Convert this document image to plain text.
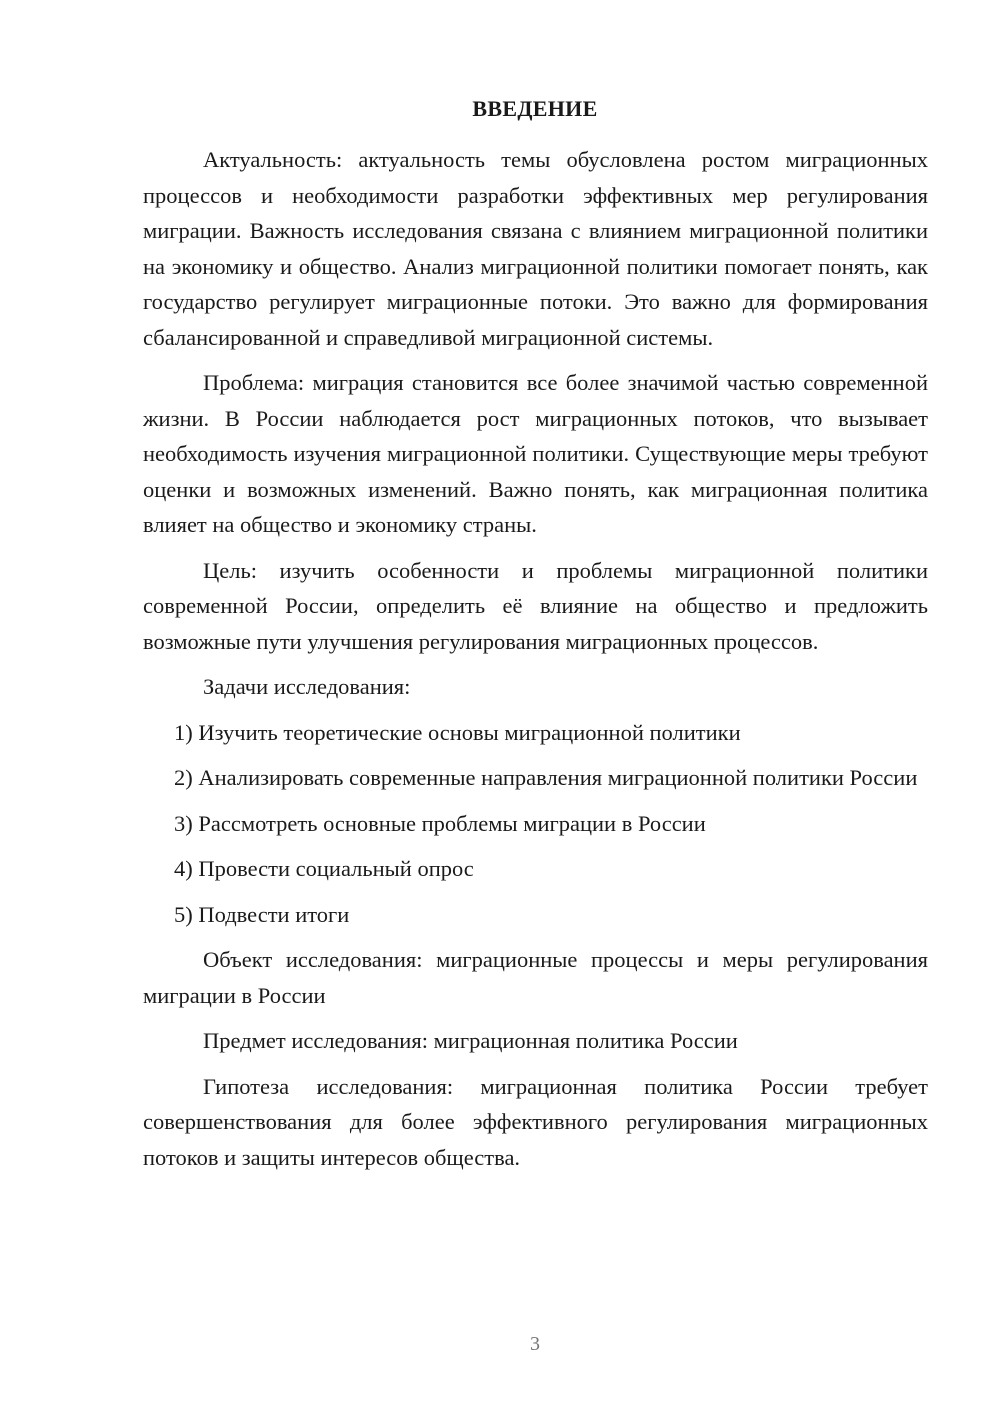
ВВЕДЕНИЕ

Актуальность: актуальность темы обусловлена ростом миграционных процессов и необходимости разработки эффективных мер регулирования миграции. Важность исследования связана с влиянием миграционной политики на экономику и общество. Анализ миграционной политики помогает понять, как государство регулирует миграционные потоки. Это важно для формирования сбалансированной и справедливой миграционной системы.

Проблема: миграция становится все более значимой частью современной жизни. В России наблюдается рост миграционных потоков, что вызывает необходимость изучения миграционной политики. Существующие меры требуют оценки и возможных изменений. Важно понять, как миграционная политика влияет на общество и экономику страны.

Цель: изучить особенности и проблемы миграционной политики современной России, определить её влияние на общество и предложить возможные пути улучшения регулирования миграционных процессов.

Задачи исследования:

1) Изучить теоретические основы миграционной политики

2) Анализировать современные направления миграционной политики России

3) Рассмотреть основные проблемы миграции в России

4) Провести социальный опрос

5) Подвести итоги

Объект исследования: миграционные процессы и меры регулирования миграции в России

Предмет исследования: миграционная политика России

Гипотеза исследования: миграционная политика России требует совершенствования для более эффективного регулирования миграционных потоков и защиты интересов общества.

3
